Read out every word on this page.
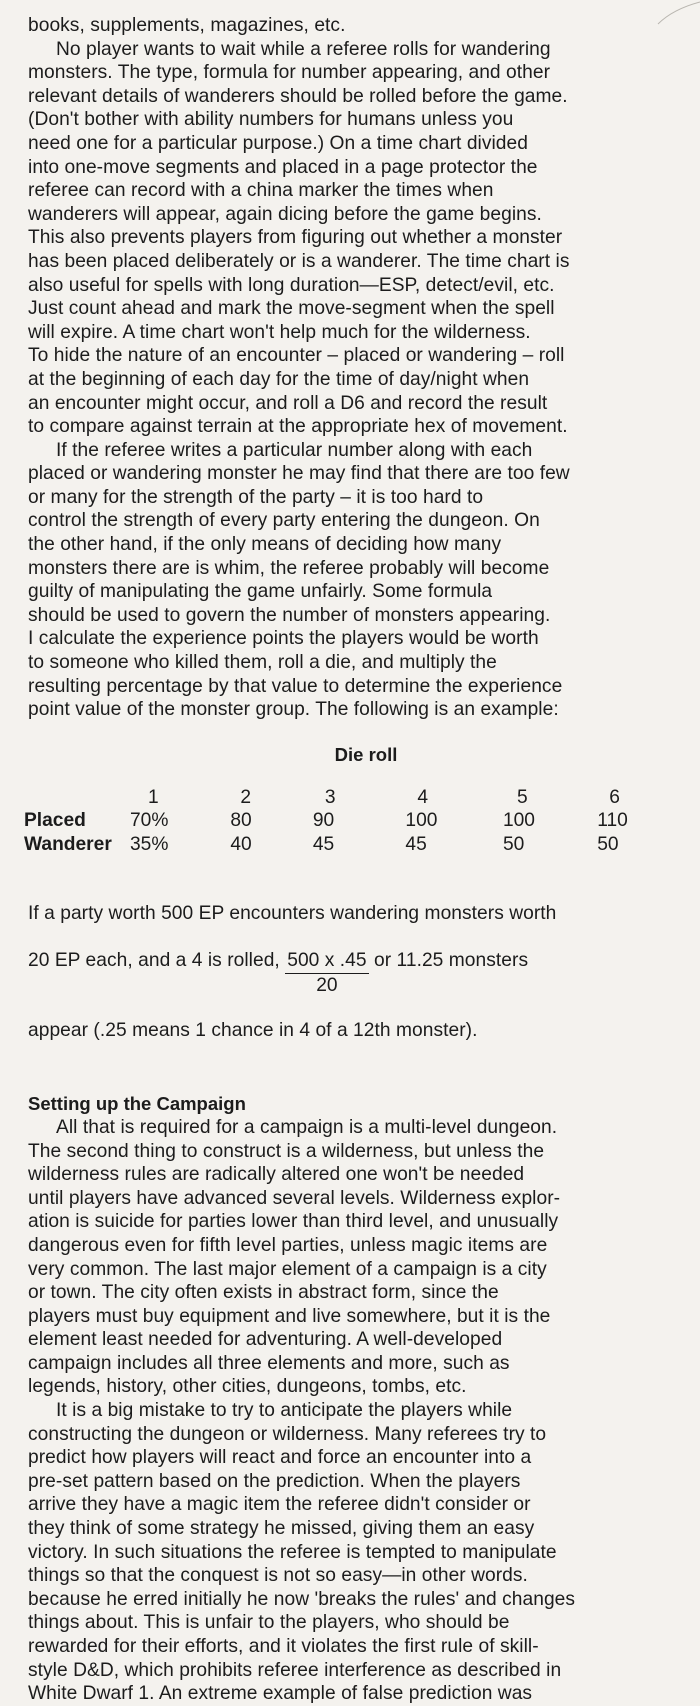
books, supplements, magazines, etc.

No player wants to wait while a referee rolls for wandering
monsters. The type, formula for number appearing, and other
relevant details of wanderers should be rolled before the game.
(Don't bother with ability numbers for humans unless you
need one for a particular purpose.) On a time chart divided
into one-move segments and placed in a page protector the
referee can record with a china marker the times when
wanderers will appear, again dicing before the game begins.
This also prevents players from figuring out whether a monster
has been placed deliberately or is a wanderer. The time chart is
also useful for spells with long duration—ESP, detect/evil, etc.
Just count ahead and mark the move-segment when the spell
will expire. A time chart won't help much for the wilderness.
To hide the nature of an encounter – placed or wandering – roll
at the beginning of each day for the time of day/night when
an encounter might occur, and roll a D6 and record the result
to compare against terrain at the appropriate hex of movement.

If the referee writes a particular number along with each
placed or wandering monster he may find that there are too few
or many for the strength of the party – it is too hard to
control the strength of every party entering the dungeon. On
the other hand, if the only means of deciding how many
monsters there are is whim, the referee probably will become
guilty of manipulating the game unfairly. Some formula
should be used to govern the number of monsters appearing.
I calculate the experience points the players would be worth
to someone who killed them, roll a die, and multiply the
resulting percentage by that value to determine the experience
point value of the monster group. The following is an example:

Die roll
	1	2	3	4	5	6
Placed	70%	80	90	100	100	110
Wanderer	35%	40	45	45	50	50

If a party worth 500 EP encounters wandering monsters worth

20 EP each, and a 4 is rolled, $\frac{500 x .45}{20}$ or 11.25 monsters

appear (.25 means 1 chance in 4 of a 12th monster).

Setting up the Campaign

All that is required for a campaign is a multi-level dungeon.
The second thing to construct is a wilderness, but unless the
wilderness rules are radically altered one won't be needed
until players have advanced several levels. Wilderness explor-
ation is suicide for parties lower than third level, and unusually
dangerous even for fifth level parties, unless magic items are
very common. The last major element of a campaign is a city
or town. The city often exists in abstract form, since the
players must buy equipment and live somewhere, but it is the
element least needed for adventuring. A well-developed
campaign includes all three elements and more, such as
legends, history, other cities, dungeons, tombs, etc.

It is a big mistake to try to anticipate the players while
constructing the dungeon or wilderness. Many referees try to
predict how players will react and force an encounter into a
pre-set pattern based on the prediction. When the players
arrive they have a magic item the referee didn't consider or
they think of some strategy he missed, giving them an easy
victory. In such situations the referee is tempted to manipulate
things so that the conquest is not so easy—in other words.
because he erred initially he now 'breaks the rules' and changes
things about. This is unfair to the players, who should be
rewarded for their efforts, and it violates the first rule of skill-
style D&D, which prohibits referee interference as described in
White Dwarf 1. An extreme example of false prediction was
